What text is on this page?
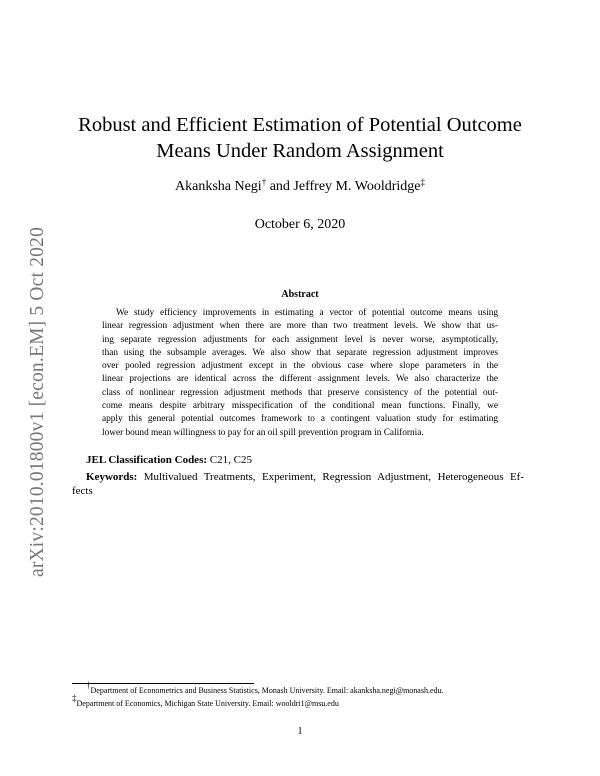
arXiv:2010.01800v1 [econ.EM] 5 Oct 2020
Robust and Efficient Estimation of Potential Outcome
Means Under Random Assignment
Akanksha Negi† and Jeffrey M. Wooldridge‡
October 6, 2020
Abstract
We study efficiency improvements in estimating a vector of potential outcome means using
linear regression adjustment when there are more than two treatment levels. We show that us-
ing separate regression adjustments for each assignment level is never worse, asymptotically,
than using the subsample averages. We also show that separate regression adjustment improves
over pooled regression adjustment except in the obvious case where slope parameters in the
linear projections are identical across the different assignment levels. We also characterize the
class of nonlinear regression adjustment methods that preserve consistency of the potential out-
come means despite arbitrary misspecification of the conditional mean functions. Finally, we
apply this general potential outcomes framework to a contingent valuation study for estimating
lower bound mean willingness to pay for an oil spill prevention program in California.
JEL Classification Codes: C21, C25
Keywords: Multivalued Treatments, Experiment, Regression Adjustment, Heterogeneous Ef-
fects
†Department of Econometrics and Business Statistics, Monash University. Email: akanksha.negi@monash.edu.
‡Department of Economics, Michigan State University. Email: wooldri1@msu.edu
1
